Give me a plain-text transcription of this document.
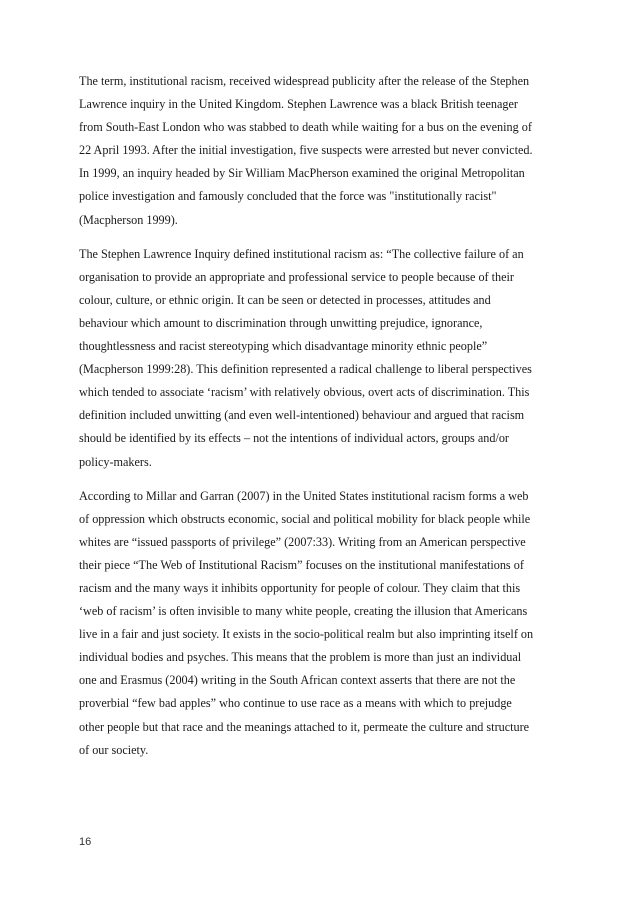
The term, institutional racism, received widespread publicity after the release of the Stephen
Lawrence inquiry in the United Kingdom. Stephen Lawrence was a black British teenager
from South-East London who was stabbed to death while waiting for a bus on the evening of
22 April 1993. After the initial investigation, five suspects were arrested but never convicted.
In 1999, an inquiry headed by Sir William MacPherson examined the original Metropolitan
police investigation and famously concluded that the force was "institutionally racist"
(Macpherson 1999).
The Stephen Lawrence Inquiry defined institutional racism as: “The collective failure of an
organisation to provide an appropriate and professional service to people because of their
colour, culture, or ethnic origin. It can be seen or detected in processes, attitudes and
behaviour which amount to discrimination through unwitting prejudice, ignorance,
thoughtlessness and racist stereotyping which disadvantage minority ethnic people”
(Macpherson 1999:28). This definition represented a radical challenge to liberal perspectives
which tended to associate ‘racism’ with relatively obvious, overt acts of discrimination. This
definition included unwitting (and even well-intentioned) behaviour and argued that racism
should be identified by its effects – not the intentions of individual actors, groups and/or
policy-makers.
According to Millar and Garran (2007) in the United States institutional racism forms a web
of oppression which obstructs economic, social and political mobility for black people while
whites are “issued passports of privilege” (2007:33). Writing from an American perspective
their piece “The Web of Institutional Racism” focuses on the institutional manifestations of
racism and the many ways it inhibits opportunity for people of colour. They claim that this
‘web of racism’ is often invisible to many white people, creating the illusion that Americans
live in a fair and just society. It exists in the socio-political realm but also imprinting itself on
individual bodies and psyches. This means that the problem is more than just an individual
one and Erasmus (2004) writing in the South African context asserts that there are not the
proverbial “few bad apples” who continue to use race as a means with which to prejudge
other people but that race and the meanings attached to it, permeate the culture and structure
of our society.
16
